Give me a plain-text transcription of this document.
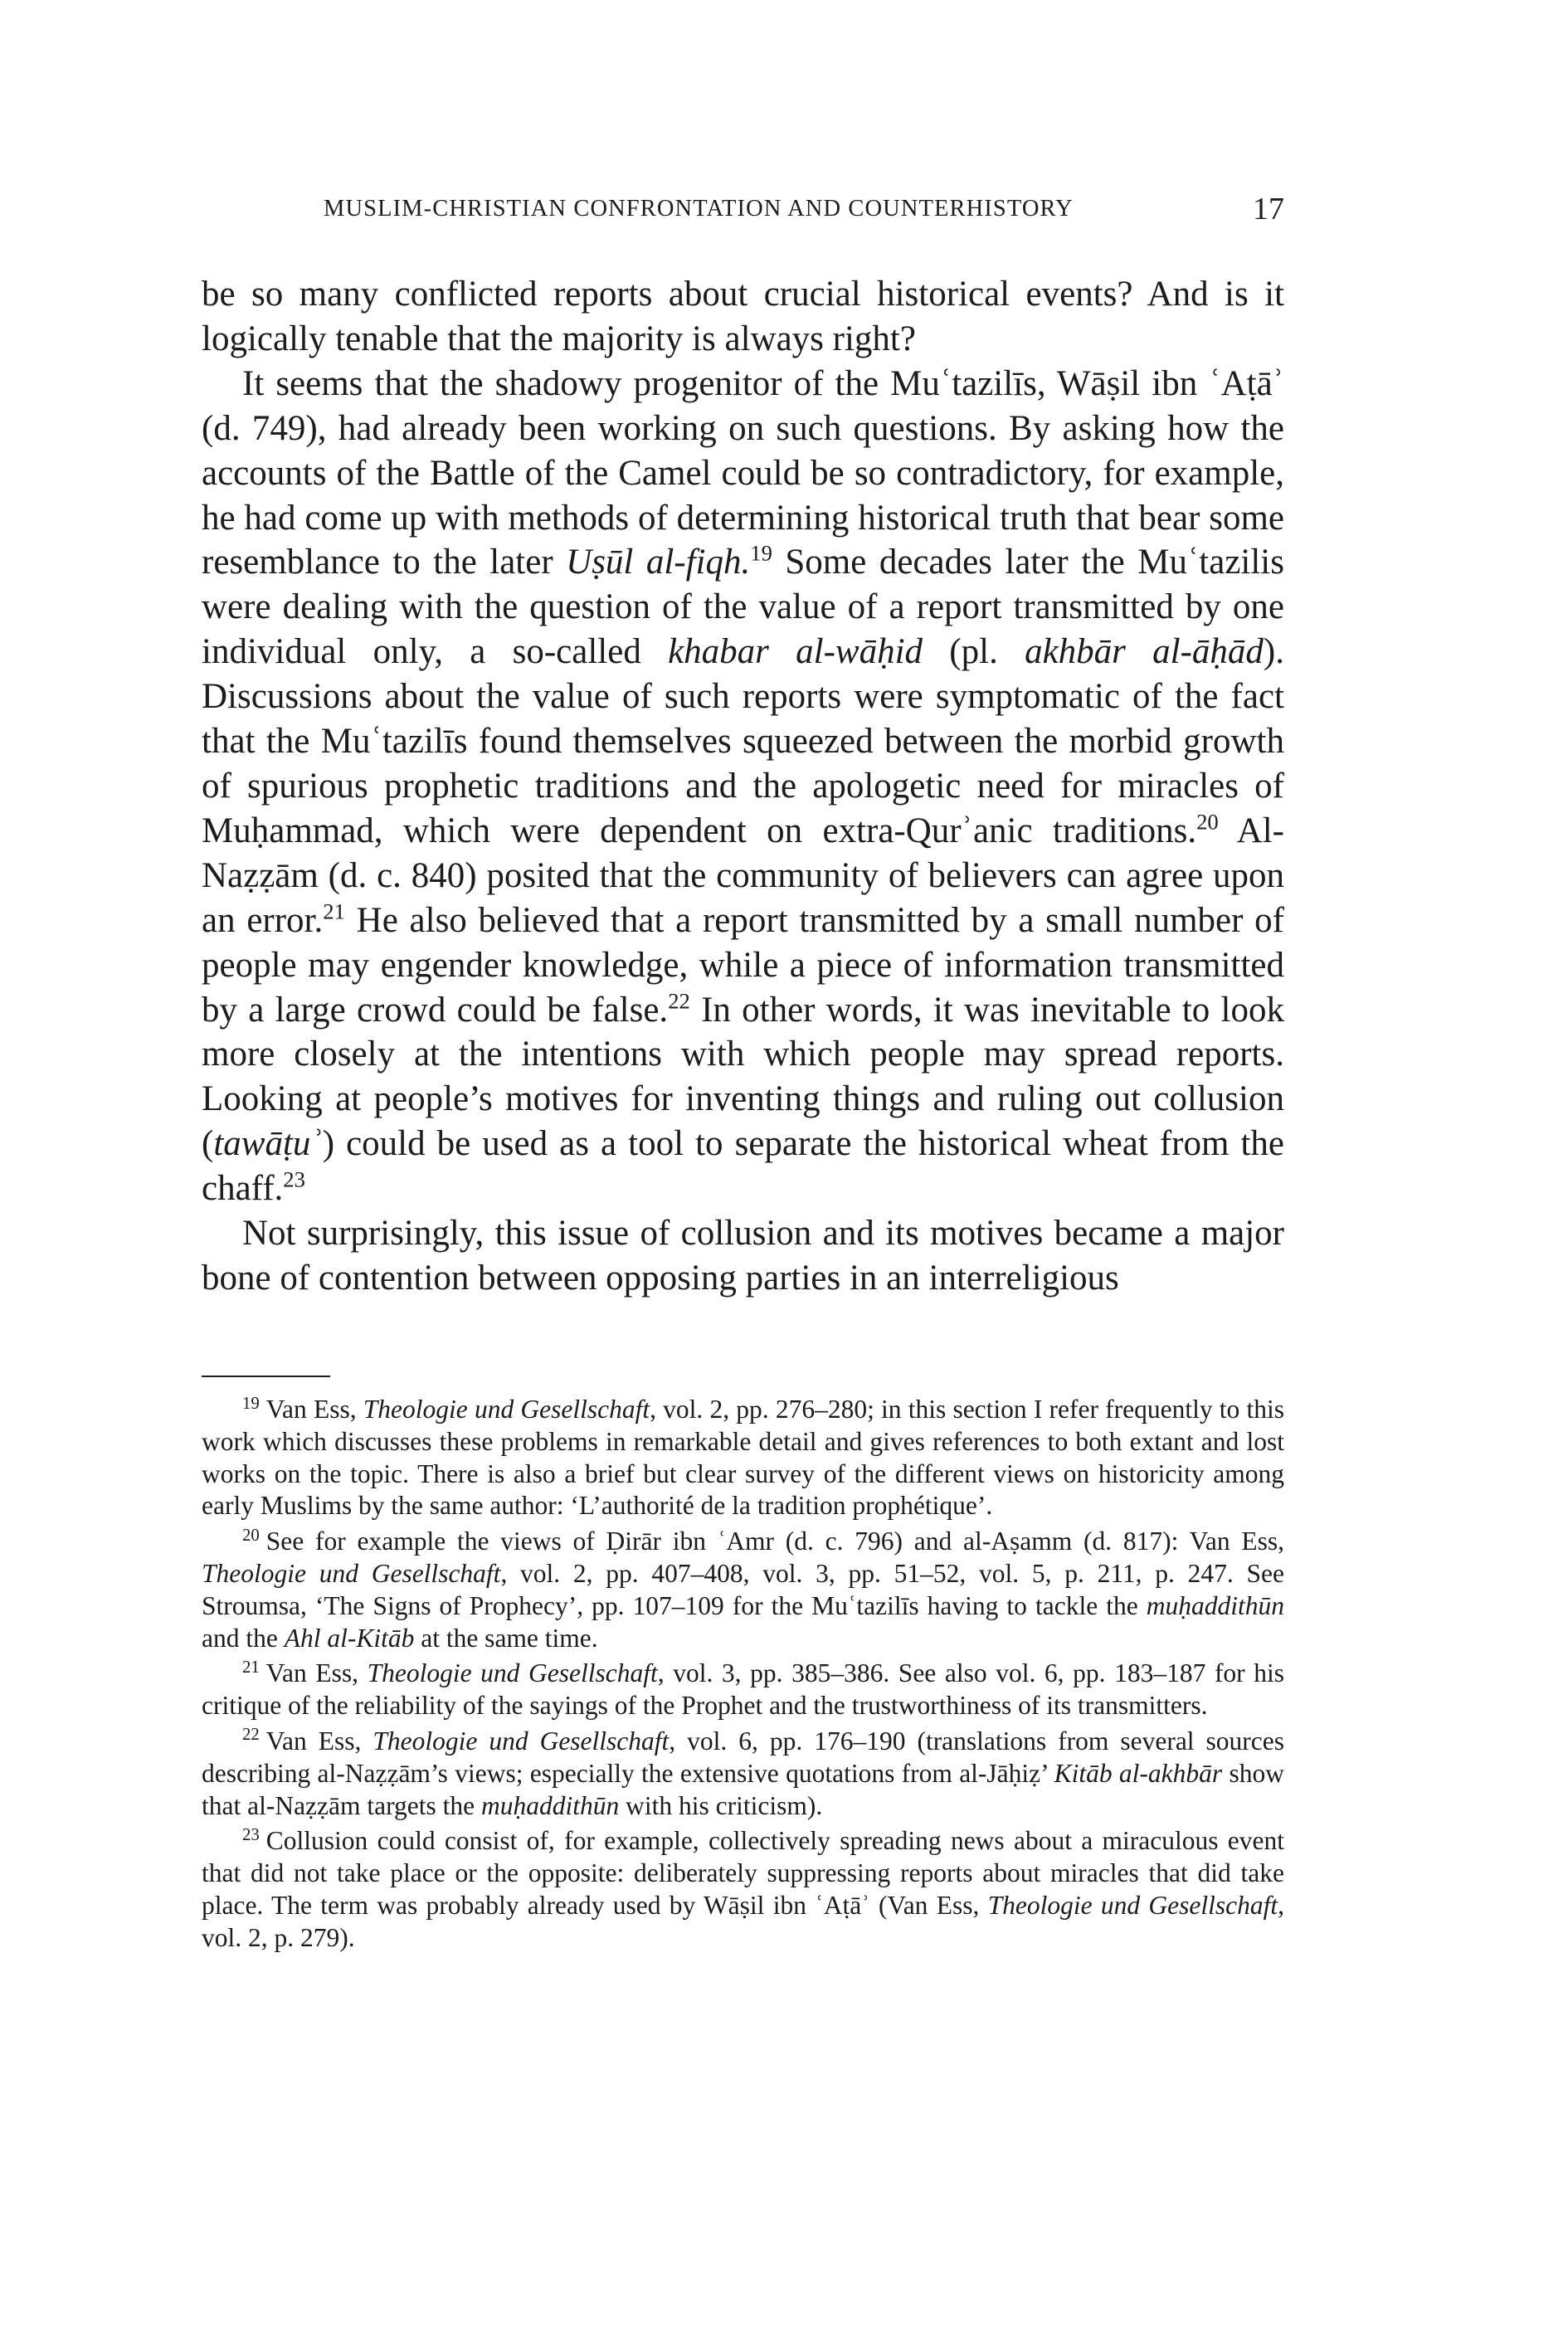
MUSLIM-CHRISTIAN CONFRONTATION AND COUNTERHISTORY	17

be so many conflicted reports about crucial historical events? And is it logically tenable that the majority is always right?

It seems that the shadowy progenitor of the Muʿtazilīs, Wāṣil ibn ʿAṭāʾ (d. 749), had already been working on such questions. By asking how the accounts of the Battle of the Camel could be so contradictory, for example, he had come up with methods of determining historical truth that bear some resemblance to the later Uṣūl al-fiqh.$^{19}$ Some decades later the Muʿtazilis were dealing with the question of the value of a report transmitted by one individual only, a so-called khabar al-wāḥid (pl. akhbār al-āḥād). Discussions about the value of such reports were symptomatic of the fact that the Muʿtazilīs found themselves squeezed between the morbid growth of spurious prophetic traditions and the apologetic need for miracles of Muḥammad, which were dependent on extra-Qurʾanic traditions.$^{20}$ Al-Naẓẓām (d. c. 840) posited that the community of believers can agree upon an error.$^{21}$ He also believed that a report transmitted by a small number of people may engender knowledge, while a piece of information transmitted by a large crowd could be false.$^{22}$ In other words, it was inevitable to look more closely at the intentions with which people may spread reports. Looking at people’s motives for inventing things and ruling out collusion (tawāṭuʾ) could be used as a tool to separate the historical wheat from the chaff.$^{23}$

Not surprisingly, this issue of collusion and its motives became a major bone of contention between opposing parties in an interreligious

$^{19}$ Van Ess, Theologie und Gesellschaft, vol. 2, pp. 276–280; in this section I refer frequently to this work which discusses these problems in remarkable detail and gives references to both extant and lost works on the topic. There is also a brief but clear survey of the different views on historicity among early Muslims by the same author: ‘L’authorité de la tradition prophétique’.

$^{20}$ See for example the views of Ḍirār ibn ʿAmr (d. c. 796) and al-Aṣamm (d. 817): Van Ess, Theologie und Gesellschaft, vol. 2, pp. 407–408, vol. 3, pp. 51–52, vol. 5, p. 211, p. 247. See Stroumsa, ‘The Signs of Prophecy’, pp. 107–109 for the Muʿtazilīs having to tackle the muḥaddithūn and the Ahl al-Kitāb at the same time.

$^{21}$ Van Ess, Theologie und Gesellschaft, vol. 3, pp. 385–386. See also vol. 6, pp. 183–187 for his critique of the reliability of the sayings of the Prophet and the trustworthiness of its transmitters.

$^{22}$ Van Ess, Theologie und Gesellschaft, vol. 6, pp. 176–190 (translations from several sources describing al-Naẓẓām’s views; especially the extensive quotations from al-Jāḥiẓ’ Kitāb al-akhbār show that al-Naẓẓām targets the muḥaddithūn with his criticism).

$^{23}$ Collusion could consist of, for example, collectively spreading news about a miraculous event that did not take place or the opposite: deliberately suppressing reports about miracles that did take place. The term was probably already used by Wāṣil ibn ʿAṭāʾ (Van Ess, Theologie und Gesellschaft, vol. 2, p. 279).
